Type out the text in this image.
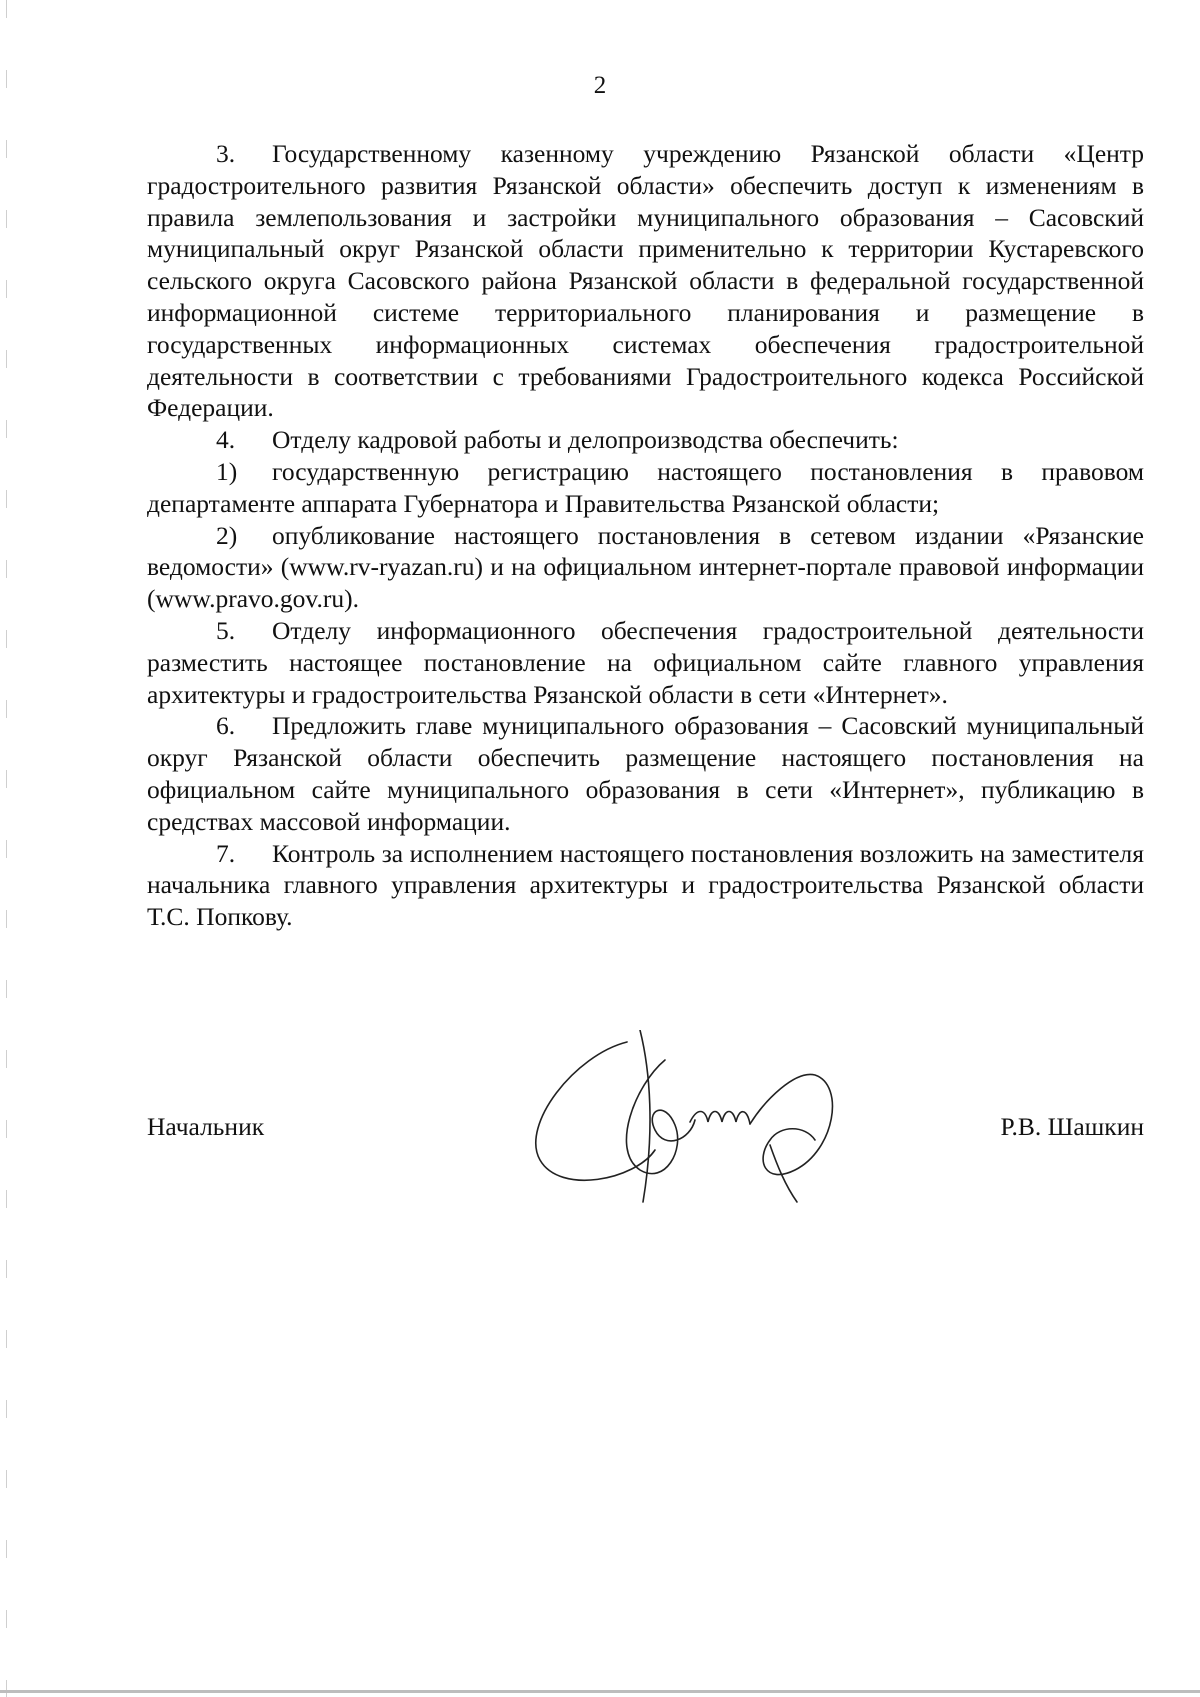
2

3. Государственному казенному учреждению Рязанской области «Центр градостроительного развития Рязанской области» обеспечить доступ к изменениям в правила землепользования и застройки муниципального образования – Сасовский муниципальный округ Рязанской области применительно к территории Кустаревского сельского округа Сасовского района Рязанской области в федеральной государственной информационной системе территориального планирования и размещение в государственных информационных системах обеспечения градостроительной деятельности в соответствии с требованиями Градостроительного кодекса Российской Федерации.

4. Отделу кадровой работы и делопроизводства обеспечить:

1) государственную регистрацию настоящего постановления в правовом департаменте аппарата Губернатора и Правительства Рязанской области;

2) опубликование настоящего постановления в сетевом издании «Рязанские ведомости» (www.rv-ryazan.ru) и на официальном интернет-портале правовой информации (www.pravo.gov.ru).

5. Отделу информационного обеспечения градостроительной деятельности разместить настоящее постановление на официальном сайте главного управления архитектуры и градостроительства Рязанской области в сети «Интернет».

6. Предложить главе муниципального образования – Сасовский муниципальный округ Рязанской области обеспечить размещение настоящего постановления на официальном сайте муниципального образования в сети «Интернет», публикацию в средствах массовой информации.

7. Контроль за исполнением настоящего постановления возложить на заместителя начальника главного управления архитектуры и градостроительства Рязанской области Т.С. Попкову.

Начальник	Р.В. Шашкин
